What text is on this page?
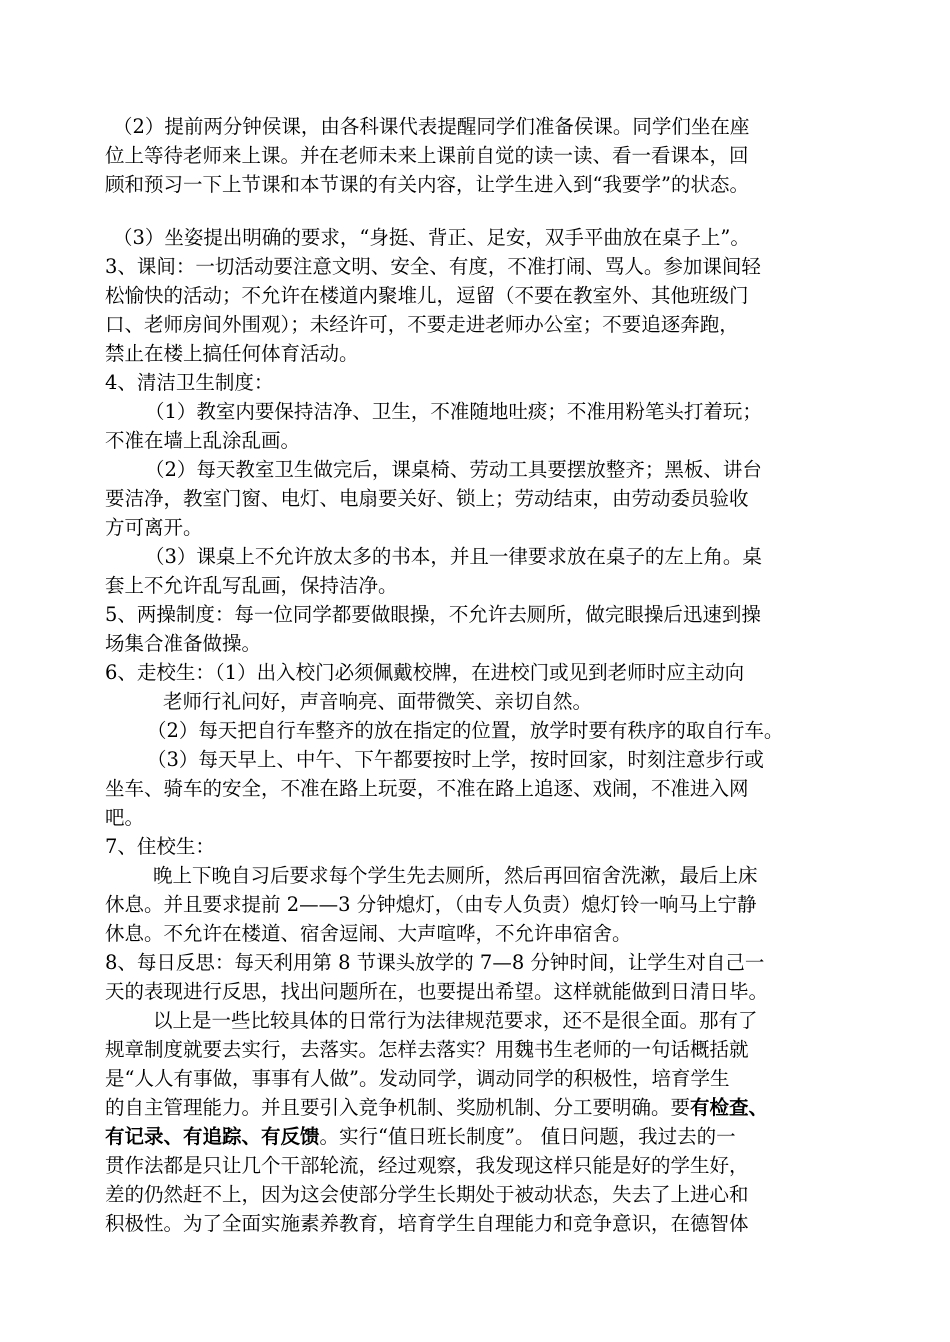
（2）提前两分钟侯课，由各科课代表提醒同学们准备侯课。同学们坐在座
位上等待老师来上课。并在老师未来上课前自觉的读一读、看一看课本，回
顾和预习一下上节课和本节课的有关内容，让学生进入到“我要学”的状态。
（3）坐姿提出明确的要求，“身挺、背正、足安，双手平曲放在桌子上”。
3、课间：一切活动要注意文明、安全、有度，不准打闹、骂人。参加课间轻
松愉快的活动；不允许在楼道内聚堆儿，逗留（不要在教室外、其他班级门
口、老师房间外围观）；未经许可，不要走进老师办公室；不要追逐奔跑，
禁止在楼上搞任何体育活动。
4、清洁卫生制度：
（1）教室内要保持洁净、卫生，不准随地吐痰；不准用粉笔头打着玩；
不准在墙上乱涂乱画。
（2）每天教室卫生做完后，课桌椅、劳动工具要摆放整齐；黑板、讲台
要洁净，教室门窗、电灯、电扇要关好、锁上；劳动结束，由劳动委员验收
方可离开。
（3）课桌上不允许放太多的书本，并且一律要求放在桌子的左上角。桌
套上不允许乱写乱画，保持洁净。
5、两操制度：每一位同学都要做眼操，不允许去厕所，做完眼操后迅速到操
场集合准备做操。
6、走校生：（1）出入校门必须佩戴校牌，在进校门或见到老师时应主动向
老师行礼问好，声音响亮、面带微笑、亲切自然。
（2）每天把自行车整齐的放在指定的位置，放学时要有秩序的取自行车。
（3）每天早上、中午、下午都要按时上学，按时回家，时刻注意步行或
坐车、骑车的安全，不准在路上玩耍，不准在路上追逐、戏闹，不准进入网
吧。
7、住校生：
晚上下晚自习后要求每个学生先去厕所，然后再回宿舍洗漱，最后上床
休息。并且要求提前 2——3 分钟熄灯，（由专人负责）熄灯铃一响马上宁静
休息。不允许在楼道、宿舍逗闹、大声喧哗，不允许串宿舍。
8、每日反思：每天利用第 8 节课头放学的 7—8 分钟时间，让学生对自己一
天的表现进行反思，找出问题所在，也要提出希望。这样就能做到日清日毕。
以上是一些比较具体的日常行为法律规范要求，还不是很全面。那有了
规章制度就要去实行，去落实。怎样去落实？用魏书生老师的一句话概括就
是“人人有事做，事事有人做”。发动同学，调动同学的积极性，培育学生
的自主管理能力。并且要引入竞争机制、奖励机制、分工要明确。要有检查、
有记录、有追踪、有反馈。实行“值日班长制度”。 值日问题，我过去的一
贯作法都是只让几个干部轮流，经过观察，我发现这样只能是好的学生好，
差的仍然赶不上，因为这会使部分学生长期处于被动状态，失去了上进心和
积极性。为了全面实施素养教育，培育学生自理能力和竞争意识，在德智体
